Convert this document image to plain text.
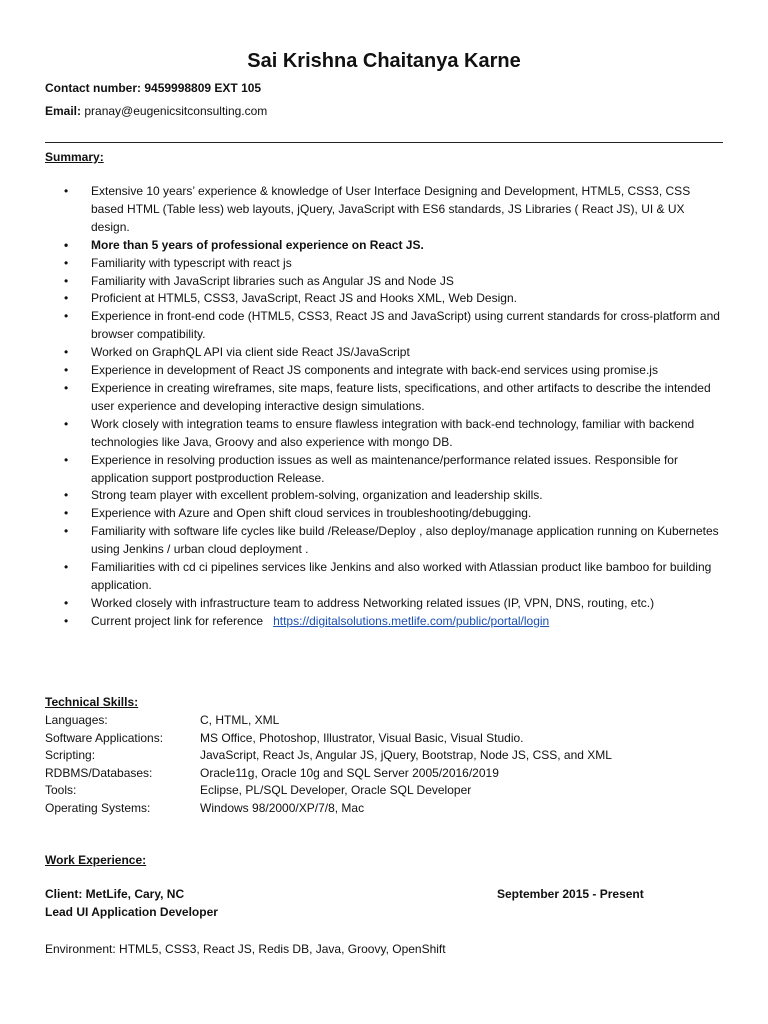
Sai Krishna Chaitanya Karne
Contact number: 9459998809 EXT 105
Email: pranay@eugenicsitconsulting.com
Summary:
• Extensive 10 years’ experience & knowledge of User Interface Designing and Development, HTML5, CSS3, CSS based HTML (Table less) web layouts, jQuery, JavaScript with ES6 standards, JS Libraries ( React JS), UI & UX design.
• More than 5 years of professional experience on React JS.
• Familiarity with typescript with react js
• Familiarity with JavaScript libraries such as Angular JS and Node JS
• Proficient at HTML5, CSS3, JavaScript, React JS and Hooks XML, Web Design.
• Experience in front-end code (HTML5, CSS3, React JS and JavaScript) using current standards for cross-platform and browser compatibility.
• Worked on GraphQL API via client side React JS/JavaScript
• Experience in development of React JS components and integrate with back-end services using promise.js
• Experience in creating wireframes, site maps, feature lists, specifications, and other artifacts to describe the intended user experience and developing interactive design simulations.
• Work closely with integration teams to ensure flawless integration with back-end technology, familiar with backend technologies like Java, Groovy and also experience with mongo DB.
• Experience in resolving production issues as well as maintenance/performance related issues. Responsible for application support postproduction Release.
• Strong team player with excellent problem-solving, organization and leadership skills.
• Experience with Azure and Open shift cloud services in troubleshooting/debugging.
• Familiarity with software life cycles like build /Release/Deploy , also deploy/manage application running on Kubernetes using Jenkins / urban cloud deployment .
• Familiarities with cd ci pipelines services like Jenkins and also worked with Atlassian product like bamboo for building application.
• Worked closely with infrastructure team to address Networking related issues (IP, VPN, DNS, routing, etc.)
• Current project link for reference https://digitalsolutions.metlife.com/public/portal/login
Technical Skills:
Languages:	C, HTML, XML
Software Applications:	MS Office, Photoshop, Illustrator, Visual Basic, Visual Studio.
Scripting:	JavaScript, React Js, Angular JS, jQuery, Bootstrap, Node JS, CSS, and XML
RDBMS/Databases:	Oracle11g, Oracle 10g and SQL Server 2005/2016/2019
Tools:	Eclipse, PL/SQL Developer, Oracle SQL Developer
Operating Systems:	Windows 98/2000/XP/7/8, Mac
Work Experience:
Client: MetLife, Cary, NC	September 2015 - Present
Lead UI Application Developer
Environment: HTML5, CSS3, React JS, Redis DB, Java, Groovy, OpenShift
